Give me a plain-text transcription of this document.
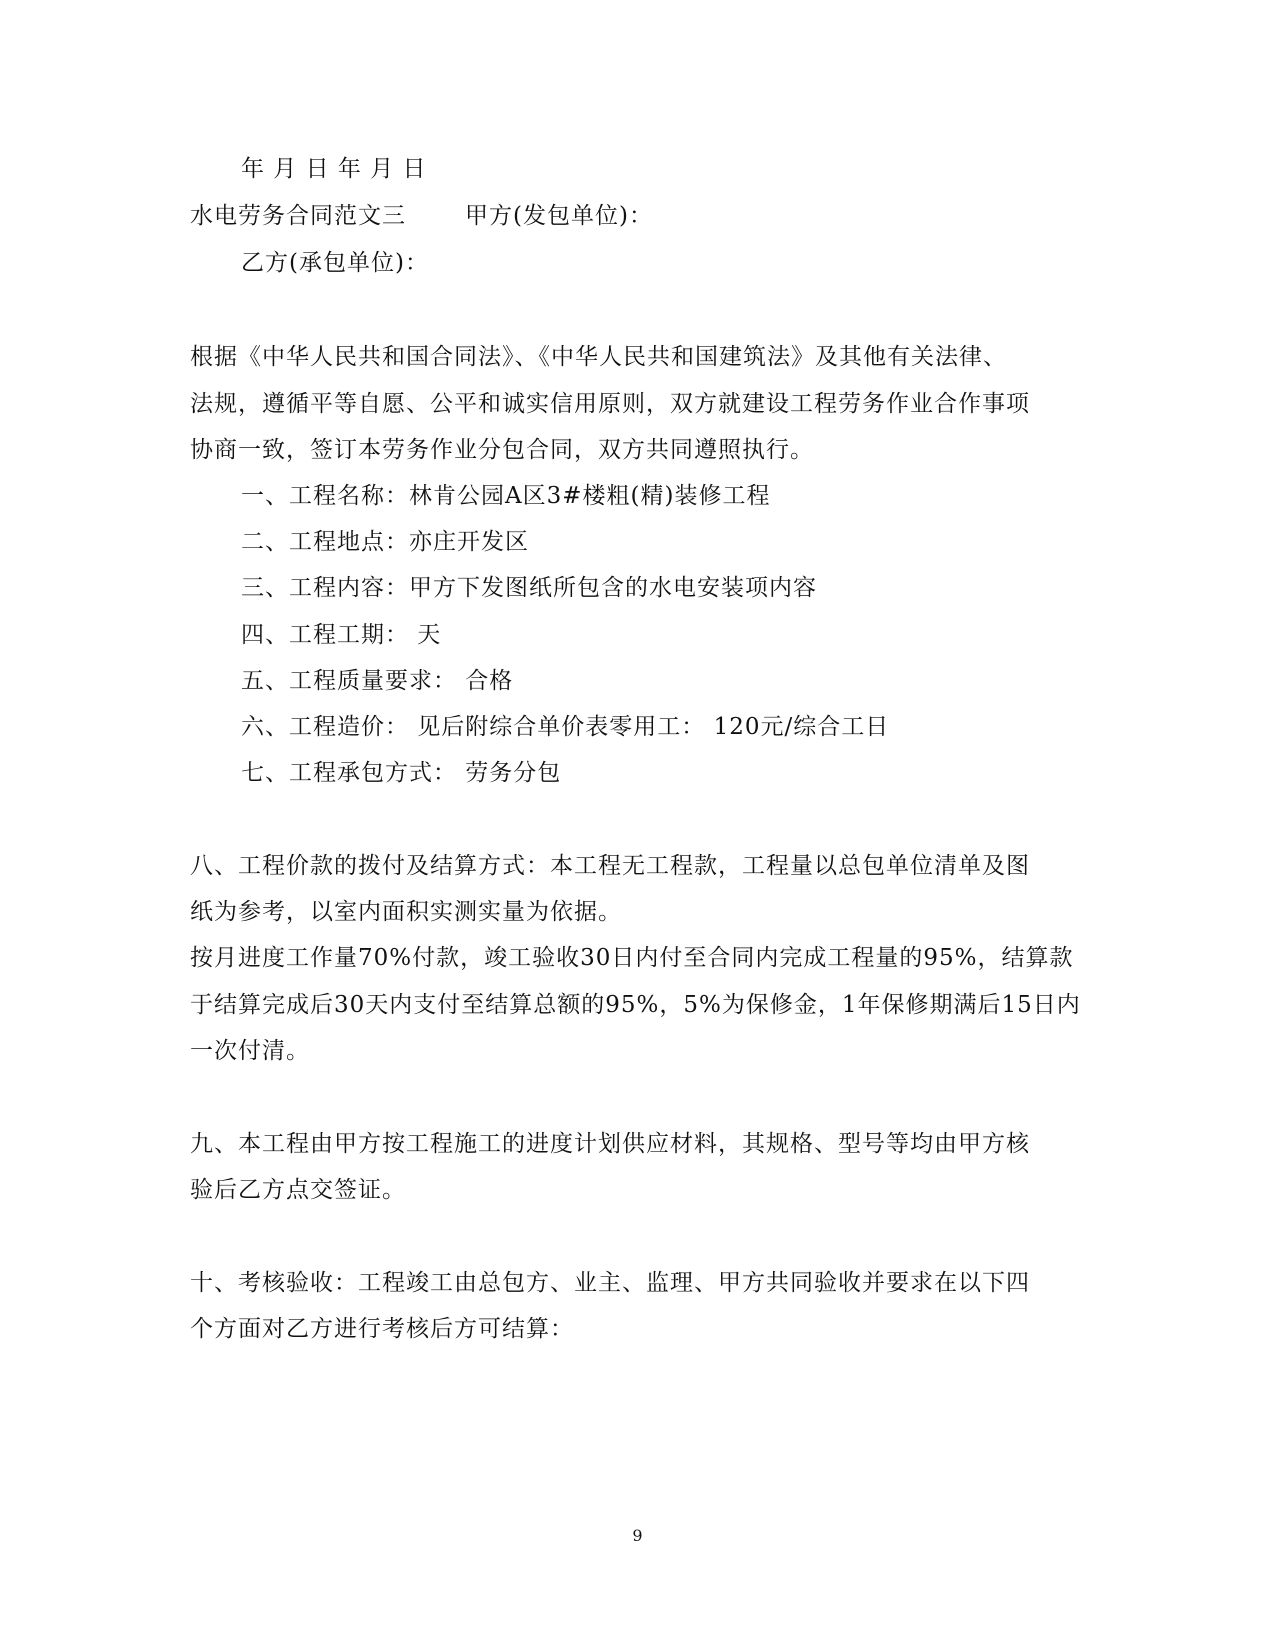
年 月 日 年 月 日
水电劳务合同范文三	甲方(发包单位)：
乙方(承包单位)：
根据《中华人民共和国合同法》、《中华人民共和国建筑法》及其他有关法律、
法规，遵循平等自愿、公平和诚实信用原则，双方就建设工程劳务作业合作事项
协商一致，签订本劳务作业分包合同，双方共同遵照执行。
一、工程名称：林肯公园A区3#楼粗(精)装修工程
二、工程地点：亦庄开发区
三、工程内容：甲方下发图纸所包含的水电安装项内容
四、工程工期： 天
五、工程质量要求： 合格
六、工程造价： 见后附综合单价表零用工： 120元/综合工日
七、工程承包方式： 劳务分包
八、工程价款的拨付及结算方式：本工程无工程款，工程量以总包单位清单及图
纸为参考，以室内面积实测实量为依据。
按月进度工作量70%付款，竣工验收30日内付至合同内完成工程量的95%，结算款
于结算完成后30天内支付至结算总额的95%，5%为保修金，1年保修期满后15日内
一次付清。
九、本工程由甲方按工程施工的进度计划供应材料，其规格、型号等均由甲方核
验后乙方点交签证。
十、考核验收：工程竣工由总包方、业主、监理、甲方共同验收并要求在以下四
个方面对乙方进行考核后方可结算：
9
